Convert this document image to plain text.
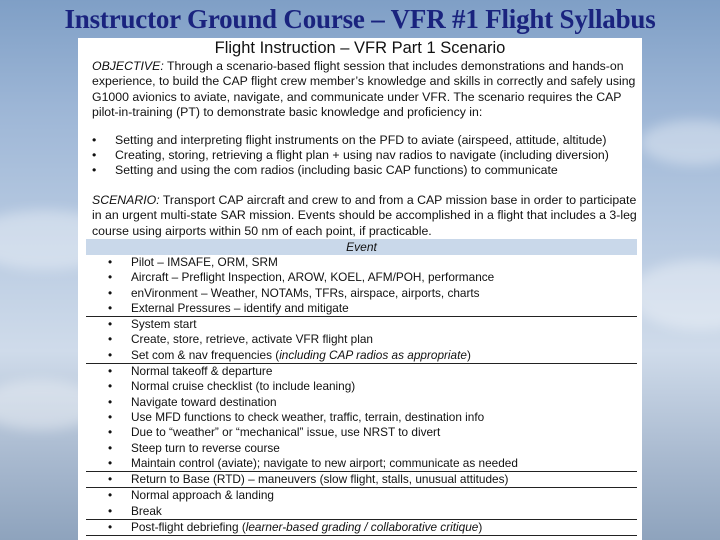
Instructor Ground Course – VFR #1 Flight Syllabus
Flight Instruction – VFR Part 1 Scenario
OBJECTIVE: Through a scenario-based flight session that includes demonstrations and hands-on experience, to build the CAP flight crew member’s knowledge and skills in correctly and safely using G1000 avionics to aviate, navigate, and communicate under VFR. The scenario requires the CAP pilot-in-training (PT) to demonstrate basic knowledge and proficiency in:
• Setting and interpreting flight instruments on the PFD to aviate (airspeed, attitude, altitude)
• Creating, storing, retrieving a flight plan + using nav radios to navigate (including diversion)
• Setting and using the com radios (including basic CAP functions) to communicate
SCENARIO: Transport CAP aircraft and crew to and from a CAP mission base in order to participate in an urgent multi-state SAR mission. Events should be accomplished in a flight that includes a 3-leg course using airports within 50 nm of each point, if practicable.
Event
• Pilot – IMSAFE, ORM, SRM
• Aircraft – Preflight Inspection, AROW, KOEL, AFM/POH, performance
• enVironment – Weather, NOTAMs, TFRs, airspace, airports, charts
• External Pressures – identify and mitigate
• System start
• Create, store, retrieve, activate VFR flight plan
• Set com & nav frequencies (including CAP radios as appropriate)
• Normal takeoff & departure
• Normal cruise checklist (to include leaning)
• Navigate toward destination
• Use MFD functions to check weather, traffic, terrain, destination info
• Due to “weather” or “mechanical” issue, use NRST to divert
• Steep turn to reverse course
• Maintain control (aviate); navigate to new airport; communicate as needed
• Return to Base (RTD) – maneuvers (slow flight, stalls, unusual attitudes)
• Normal approach & landing
• Break
• Post-flight debriefing (learner-based grading / collaborative critique)
